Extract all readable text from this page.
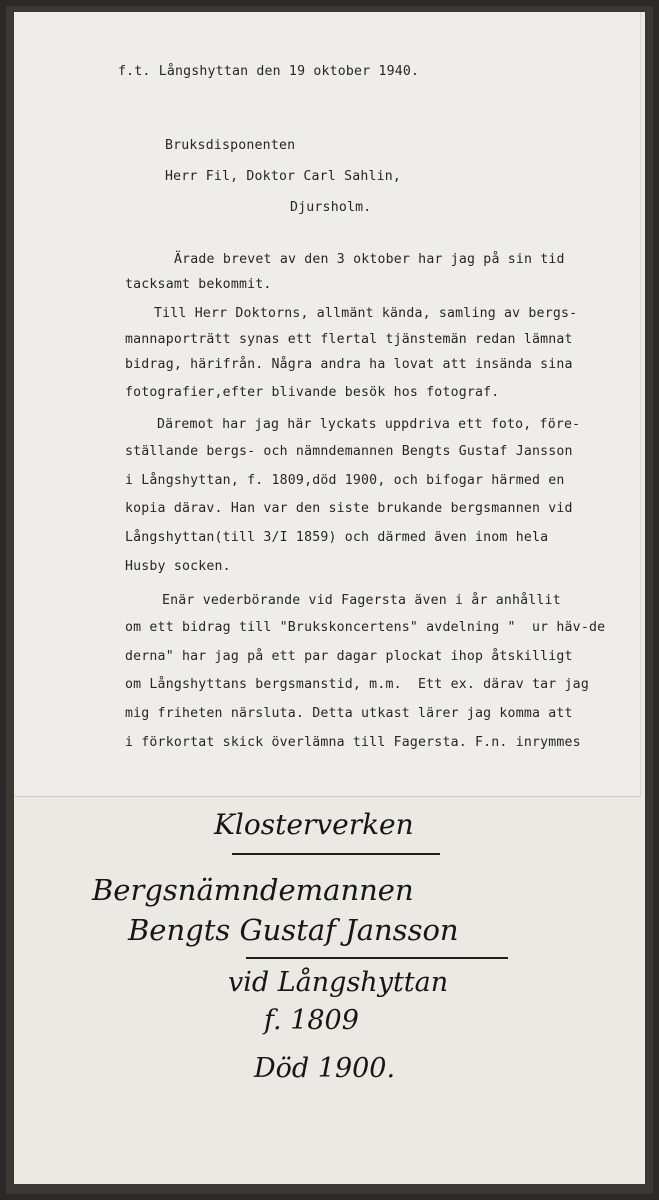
f.t. Långshyttan den 19 oktober 1940.
Bruksdisponenten
Herr Fil, Doktor Carl Sahlin,
Djursholm.
Ärade brevet av den 3 oktober har jag på sin tid
tacksamt bekommit.
Till Herr Doktorns, allmänt kända, samling av bergs-
mannaporträtt synas ett flertal tjänstemän redan lämnat
bidrag, härifrån. Några andra ha lovat att insända sina
fotografier,efter blivande besök hos fotograf.
Däremot har jag här lyckats uppdriva ett foto, före-
ställande bergs- och nämndemannen Bengts Gustaf Jansson
i Långshyttan, f. 1809,död 1900, och bifogar härmed en
kopia därav. Han var den siste brukande bergsmannen vid
Långshyttan(till 3/I 1859) och därmed även inom hela
Husby socken.
Enär vederbörande vid Fagersta även i år anhållit
om ett bidrag till "Brukskoncertens" avdelning "  ur häv-de
derna" har jag på ett par dagar plockat ihop åtskilligt
om Långshyttans bergsmanstid, m.m.  Ett ex. därav tar jag
mig friheten närsluta. Detta utkast lärer jag komma att
i förkortat skick överlämna till Fagersta. F.n. inrymmes
Klosterverken
Bergsnämndemannen
Bengts Gustaf Jansson
vid Långshyttan
f. 1809
Död 1900.
